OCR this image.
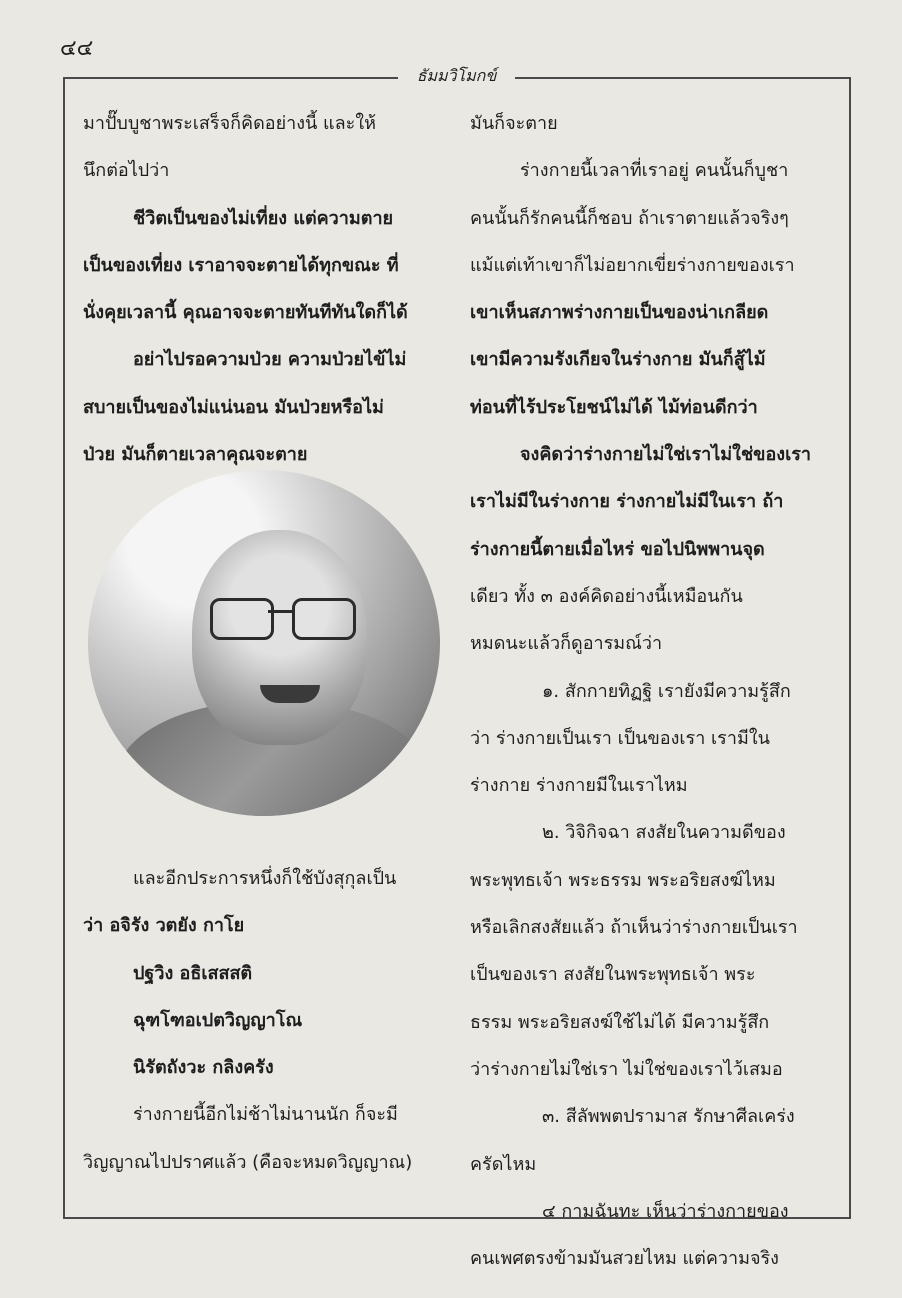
๔๔
ธัมมวิโมกข์
มาปั๊บบูชาพระเสร็จก็คิดอย่างนี้ และให้
นึกต่อไปว่า
ชีวิตเป็นของไม่เที่ยง แต่ความตาย
เป็นของเที่ยง เราอาจจะตายได้ทุกขณะ ที่
นั่งคุยเวลานี้ คุณอาจจะตายทันทีทันใดก็ได้
อย่าไปรอความป่วย ความป่วยไข้ไม่
สบายเป็นของไม่แน่นอน มันป่วยหรือไม่
ป่วย มันก็ตายเวลาคุณจะตาย
และอีกประการหนึ่งก็ใช้บังสุกุลเป็น
ว่า อจิรัง วตยัง กาโย
ปฐวิง อธิเสสสติ
ฉุฑโฑอเปตวิญญาโณ
นิรัตถังวะ กลิงครัง
ร่างกายนี้อีกไม่ช้าไม่นานนัก ก็จะมี
วิญญาณไปปราศแล้ว (คือจะหมดวิญญาณ)
มันก็จะตาย
ร่างกายนี้เวลาที่เราอยู่ คนนั้นก็บูชา
คนนั้นก็รักคนนี้ก็ชอบ ถ้าเราตายแล้วจริงๆ
แม้แต่เท้าเขาก็ไม่อยากเขี่ยร่างกายของเรา
เขาเห็นสภาพร่างกายเป็นของน่าเกลียด
เขามีความรังเกียจในร่างกาย มันก็สู้ไม้
ท่อนที่ไร้ประโยชน์ไม่ได้ ไม้ท่อนดีกว่า
จงคิดว่าร่างกายไม่ใช่เราไม่ใช่ของเรา
เราไม่มีในร่างกาย ร่างกายไม่มีในเรา ถ้า
ร่างกายนี้ตายเมื่อไหร่ ขอไปนิพพานจุด
เดียว ทั้ง ๓ องค์คิดอย่างนี้เหมือนกัน
หมดนะแล้วก็ดูอารมณ์ว่า
๑. สักกายทิฏฐิ เรายังมีความรู้สึก
ว่า ร่างกายเป็นเรา เป็นของเรา เรามีใน
ร่างกาย ร่างกายมีในเราไหม
๒. วิจิกิจฉา สงสัยในความดีของ
พระพุทธเจ้า พระธรรม พระอริยสงฆ์ไหม
หรือเลิกสงสัยแล้ว ถ้าเห็นว่าร่างกายเป็นเรา
เป็นของเรา สงสัยในพระพุทธเจ้า พระ
ธรรม พระอริยสงฆ์ใช้ไม่ได้ มีความรู้สึก
ว่าร่างกายไม่ใช่เรา ไม่ใช่ของเราไว้เสมอ
๓. สีลัพพตปรามาส รักษาศีลเคร่ง
ครัดไหม
๔ กามฉันทะ เห็นว่าร่างกายของ
คนเพศตรงข้ามมันสวยไหม แต่ความจริง
